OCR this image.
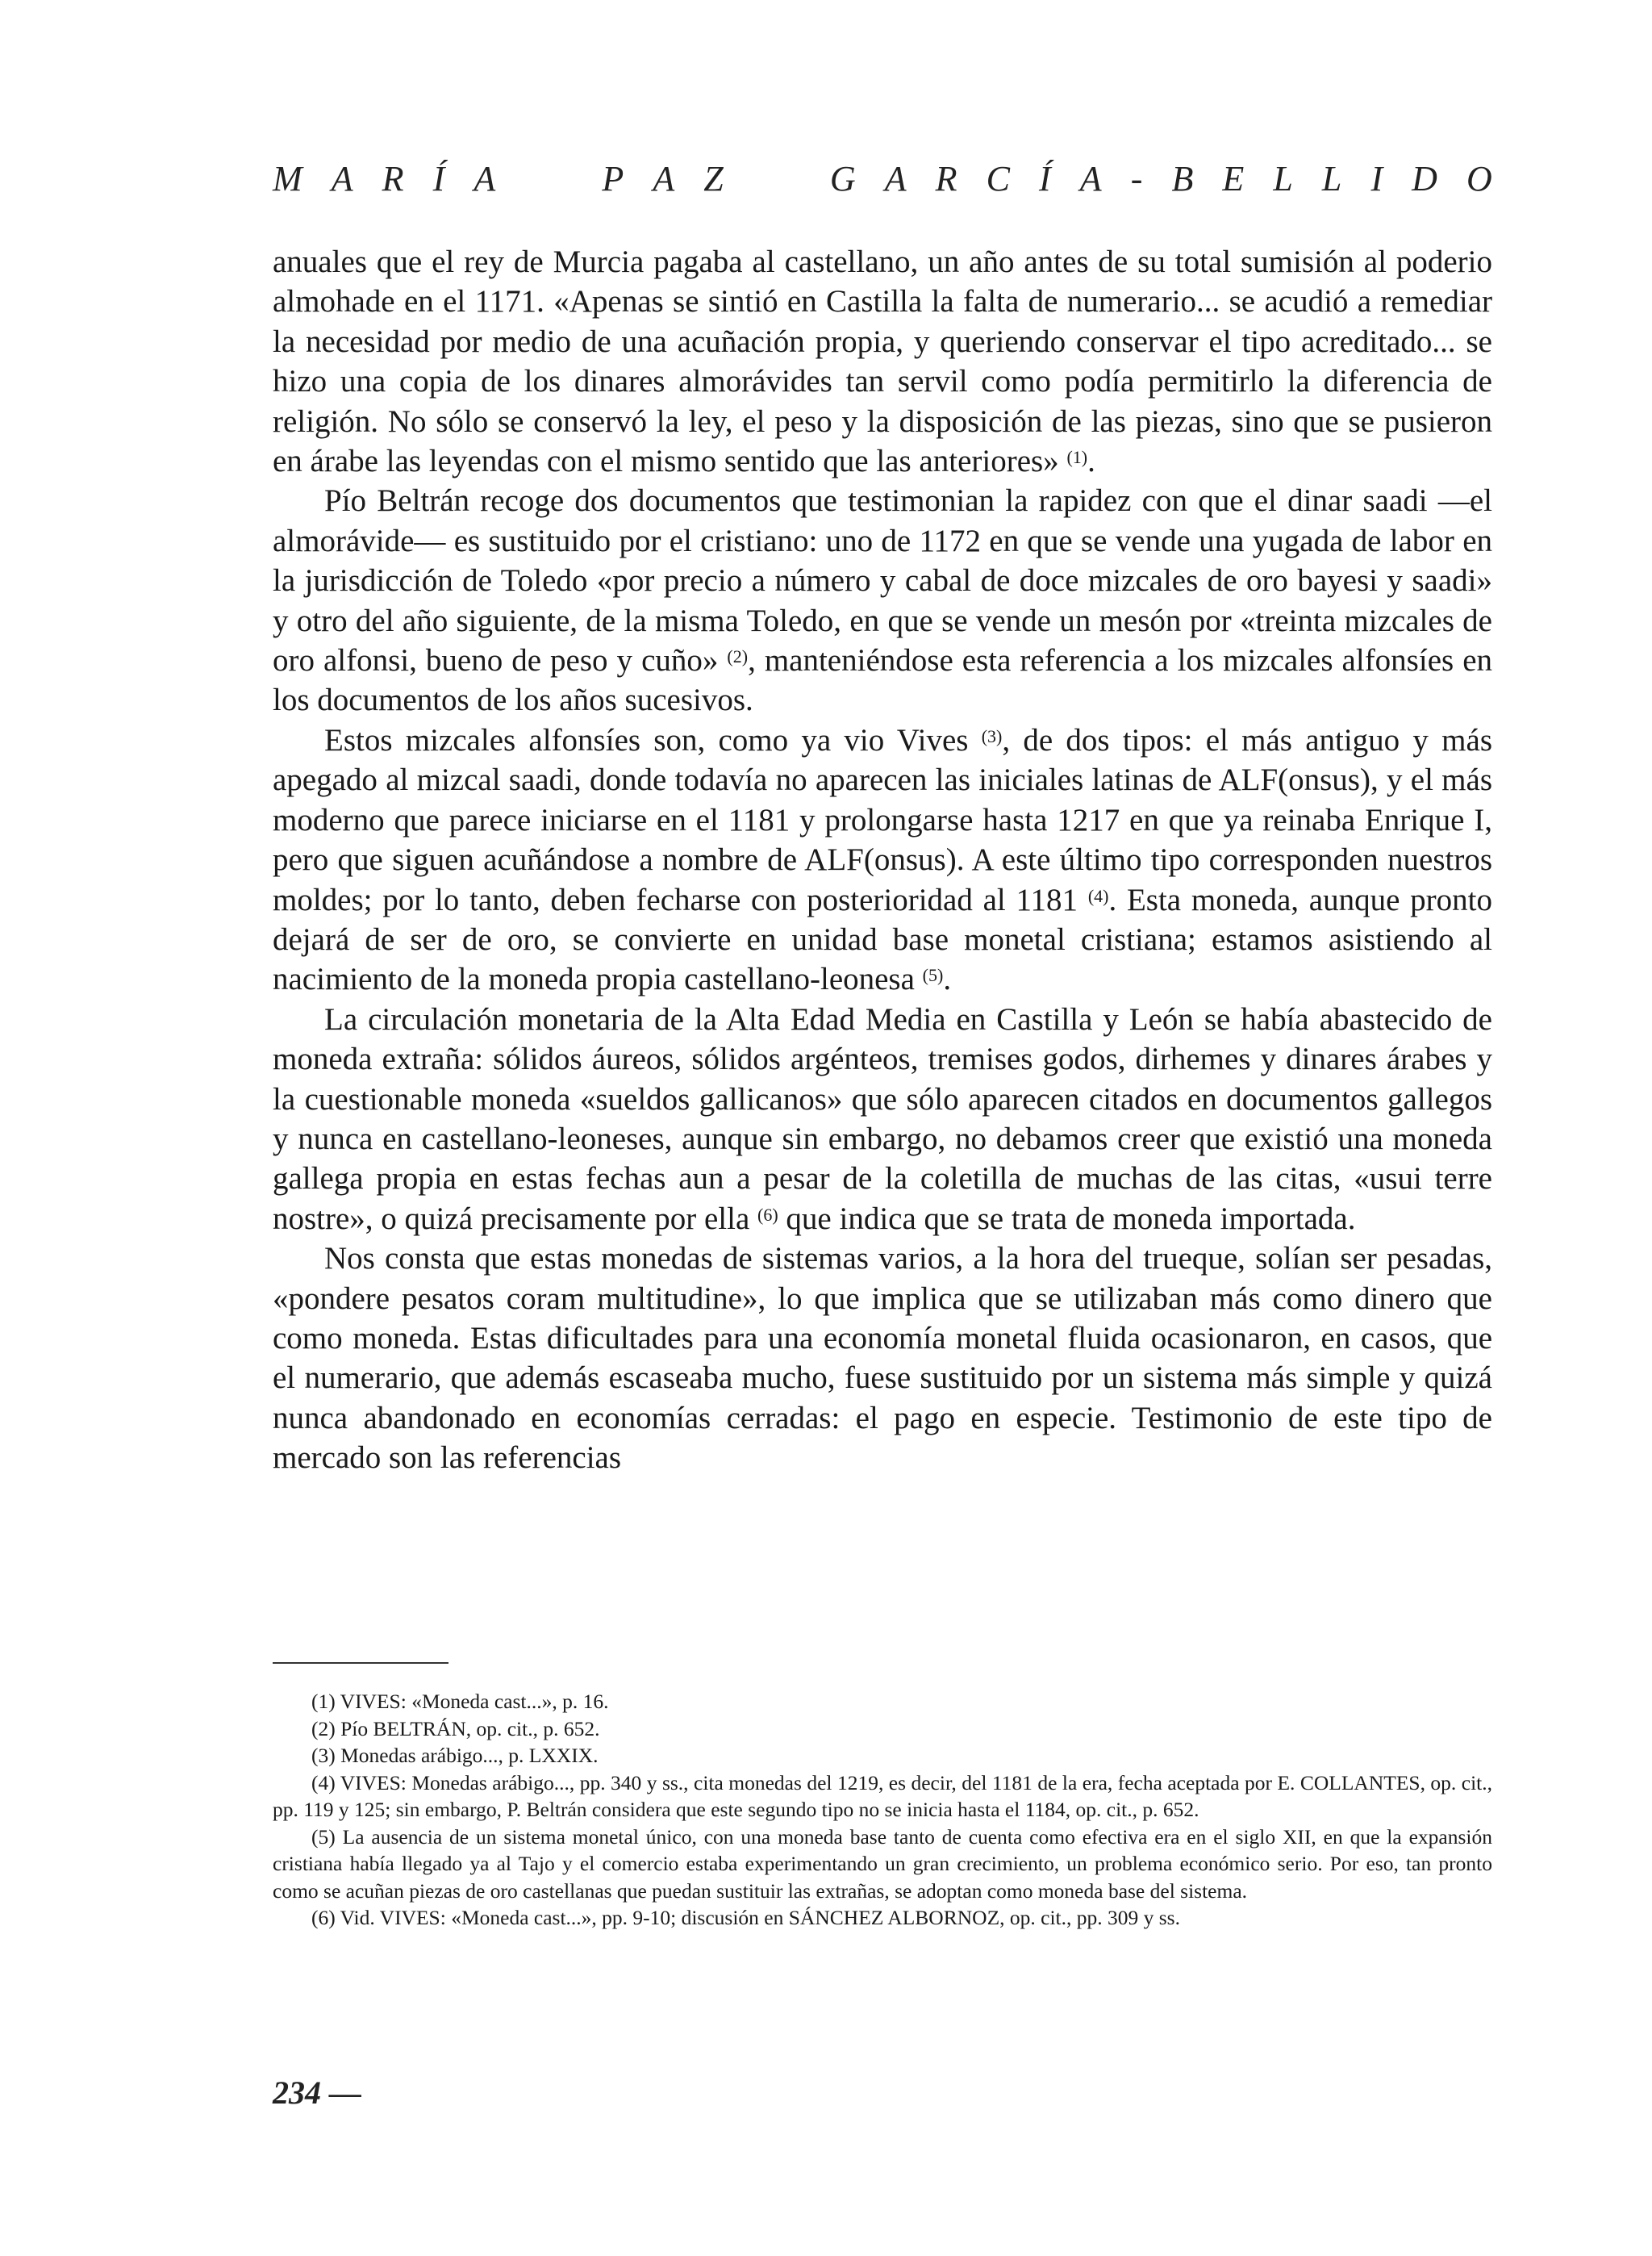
M A R Í A	P A Z	G A R C Í A - B E L L I D O

anuales que el rey de Murcia pagaba al castellano, un año antes de su total sumisión al poderio almohade en el 1171. «Apenas se sintió en Castilla la falta de numerario... se acudió a remediar la necesidad por medio de una acuñación propia, y queriendo conservar el tipo acreditado... se hizo una copia de los dinares almorávides tan servil como podía permitirlo la diferencia de religión. No sólo se conservó la ley, el peso y la disposición de las piezas, sino que se pusieron en árabe las leyendas con el mismo sentido que las anteriores» $^{(1)}$.

Pío Beltrán recoge dos documentos que testimonian la rapidez con que el dinar saadi —el almorávide— es sustituido por el cristiano: uno de 1172 en que se vende una yugada de labor en la jurisdicción de Toledo «por precio a número y cabal de doce mizcales de oro bayesi y saadi» y otro del año siguiente, de la misma Toledo, en que se vende un mesón por «treinta mizcales de oro alfonsi, bueno de peso y cuño» $^{(2)}$, manteniéndose esta referencia a los mizcales alfonsíes en los documentos de los años sucesivos.

Estos mizcales alfonsíes son, como ya vio Vives $^{(3)}$, de dos tipos: el más antiguo y más apegado al mizcal saadi, donde todavía no aparecen las iniciales latinas de ALF(onsus), y el más moderno que parece iniciarse en el 1181 y prolongarse hasta 1217 en que ya reinaba Enrique I, pero que siguen acuñándose a nombre de ALF(onsus). A este último tipo corresponden nuestros moldes; por lo tanto, deben fecharse con posterioridad al 1181 $^{(4)}$. Esta moneda, aunque pronto dejará de ser de oro, se convierte en unidad base monetal cristiana; estamos asistiendo al nacimiento de la moneda propia castellano-leonesa $^{(5)}$.

La circulación monetaria de la Alta Edad Media en Castilla y León se había abastecido de moneda extraña: sólidos áureos, sólidos argénteos, tremises godos, dirhemes y dinares árabes y la cuestionable moneda «sueldos gallicanos» que sólo aparecen citados en documentos gallegos y nunca en castellano-leoneses, aunque sin embargo, no debamos creer que existió una moneda gallega propia en estas fechas aun a pesar de la coletilla de muchas de las citas, «usui terre nostre», o quizá precisamente por ella $^{(6)}$ que indica que se trata de moneda importada.

Nos consta que estas monedas de sistemas varios, a la hora del trueque, solían ser pesadas, «pondere pesatos coram multitudine», lo que implica que se utilizaban más como dinero que como moneda. Estas dificultades para una economía monetal fluida ocasionaron, en casos, que el numerario, que además escaseaba mucho, fuese sustituido por un sistema más simple y quizá nunca abandonado en economías cerradas: el pago en especie. Testimonio de este tipo de mercado son las referencias

(1) VIVES: «Moneda cast...», p. 16.

(2) Pío BELTRÁN, op. cit., p. 652.

(3) Monedas arábigo..., p. LXXIX.

(4) VIVES: Monedas arábigo..., pp. 340 y ss., cita monedas del 1219, es decir, del 1181 de la era, fecha aceptada por E. COLLANTES, op. cit., pp. 119 y 125; sin embargo, P. Beltrán considera que este segundo tipo no se inicia hasta el 1184, op. cit., p. 652.

(5) La ausencia de un sistema monetal único, con una moneda base tanto de cuenta como efectiva era en el siglo XII, en que la expansión cristiana había llegado ya al Tajo y el comercio estaba experimentando un gran crecimiento, un problema económico serio. Por eso, tan pronto como se acuñan piezas de oro castellanas que puedan sustituir las extrañas, se adoptan como moneda base del sistema.

(6) Vid. VIVES: «Moneda cast...», pp. 9-10; discusión en SÁNCHEZ ALBORNOZ, op. cit., pp. 309 y ss.

234 —
